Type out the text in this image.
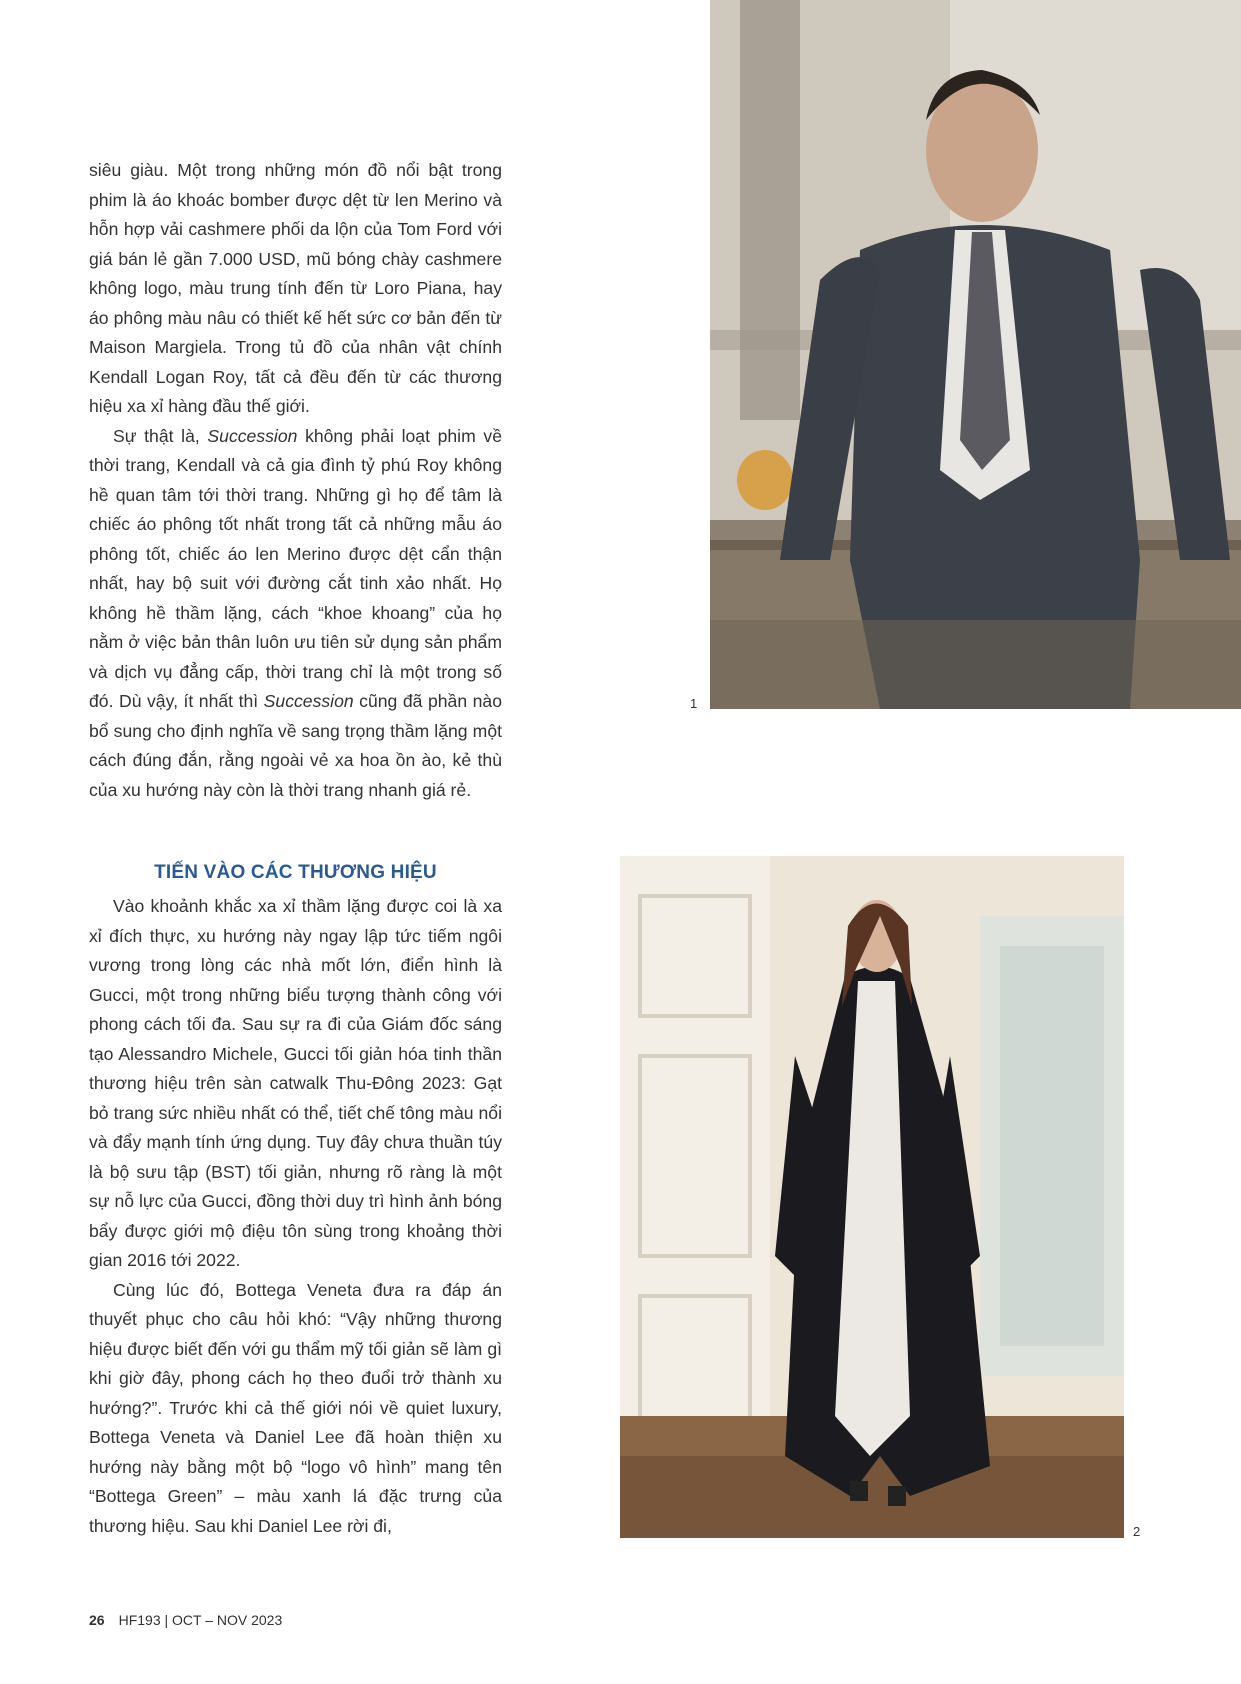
siêu giàu. Một trong những món đồ nổi bật trong phim là áo khoác bomber được dệt từ len Merino và hỗn hợp vải cashmere phối da lộn của Tom Ford với giá bán lẻ gần 7.000 USD, mũ bóng chày cashmere không logo, màu trung tính đến từ Loro Piana, hay áo phông màu nâu có thiết kế hết sức cơ bản đến từ Maison Margiela. Trong tủ đồ của nhân vật chính Kendall Logan Roy, tất cả đều đến từ các thương hiệu xa xỉ hàng đầu thế giới.

Sự thật là, Succession không phải loạt phim về thời trang, Kendall và cả gia đình tỷ phú Roy không hề quan tâm tới thời trang. Những gì họ để tâm là chiếc áo phông tốt nhất trong tất cả những mẫu áo phông tốt, chiếc áo len Merino được dệt cẩn thận nhất, hay bộ suit với đường cắt tinh xảo nhất. Họ không hề thầm lặng, cách “khoe khoang” của họ nằm ở việc bản thân luôn ưu tiên sử dụng sản phẩm và dịch vụ đẳng cấp, thời trang chỉ là một trong số đó. Dù vậy, ít nhất thì Succession cũng đã phần nào bổ sung cho định nghĩa về sang trọng thầm lặng một cách đúng đắn, rằng ngoài vẻ xa hoa ồn ào, kẻ thù của xu hướng này còn là thời trang nhanh giá rẻ.

TIẾN VÀO CÁC THƯƠNG HIỆU

Vào khoảnh khắc xa xỉ thầm lặng được coi là xa xỉ đích thực, xu hướng này ngay lập tức tiếm ngôi vương trong lòng các nhà mốt lớn, điển hình là Gucci, một trong những biểu tượng thành công với phong cách tối đa. Sau sự ra đi của Giám đốc sáng tạo Alessandro Michele, Gucci tối giản hóa tinh thần thương hiệu trên sàn catwalk Thu-Đông 2023: Gạt bỏ trang sức nhiều nhất có thể, tiết chế tông màu nổi và đẩy mạnh tính ứng dụng. Tuy đây chưa thuần túy là bộ sưu tập (BST) tối giản, nhưng rõ ràng là một sự nỗ lực của Gucci, đồng thời duy trì hình ảnh bóng bẩy được giới mộ điệu tôn sùng trong khoảng thời gian 2016 tới 2022.

Cùng lúc đó, Bottega Veneta đưa ra đáp án thuyết phục cho câu hỏi khó: “Vậy những thương hiệu được biết đến với gu thẩm mỹ tối giản sẽ làm gì khi giờ đây, phong cách họ theo đuổi trở thành xu hướng?”. Trước khi cả thế giới nói về quiet luxury, Bottega Veneta và Daniel Lee đã hoàn thiện xu hướng này bằng một bộ “logo vô hình” mang tên “Bottega Green” – màu xanh lá đặc trưng của thương hiệu. Sau khi Daniel Lee rời đi,

1
2
26 HF193 | OCT – NOV 2023
